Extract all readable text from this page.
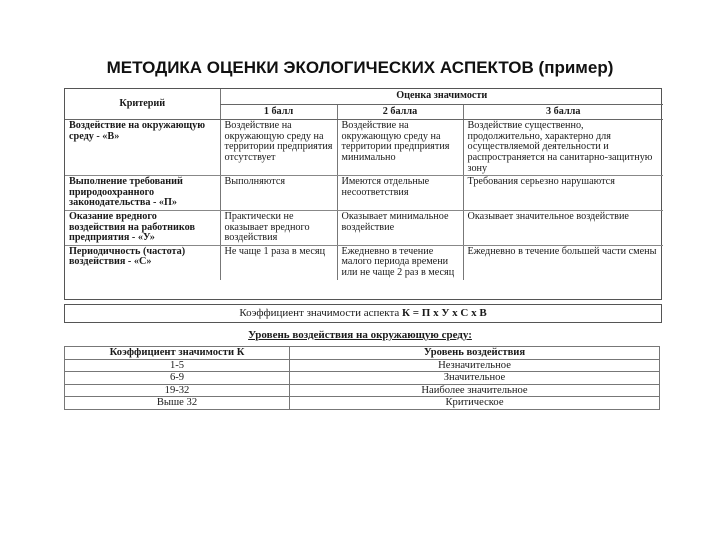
МЕТОДИКА ОЦЕНКИ ЭКОЛОГИЧЕСКИХ АСПЕКТОВ (пример)
Критерий	Оценка значимости		
	1 балл	2 балла	3 балла
Воздействие на окружающую среду - «В»	Воздействие на окружающую среду на территории предприятия отсутствует	Воздействие на окружающую среду на территории предприятия минимально	Воздействие существенно, продолжительно, характерно для осуществляемой деятельности и распространяется на санитарно-защитную зону
Выполнение требований природоохранного законодательства - «П»	Выполняются	Имеются отдельные несоответствия	Требования серьезно нарушаются
Оказание вредного воздействия на работников предприятия - «У»	Практически не оказывает вредного воздействия	Оказывает минимальное воздействие	Оказывает значительное воздействие
Периодичность (частота) воздействия - «С»	Не чаще 1 раза в месяц	Ежедневно в течение малого периода времени или не чаще 2 раз в месяц	Ежедневно в течение большей части смены
Коэффициент значимости аспекта К = П х У х С х В
Уровень воздействия на окружающую среду:
Коэффициент значимости К	Уровень воздействия
1-5	Незначительное
6-9	Значительное
19-32	Наиболее значительное
Выше 32	Критическое
